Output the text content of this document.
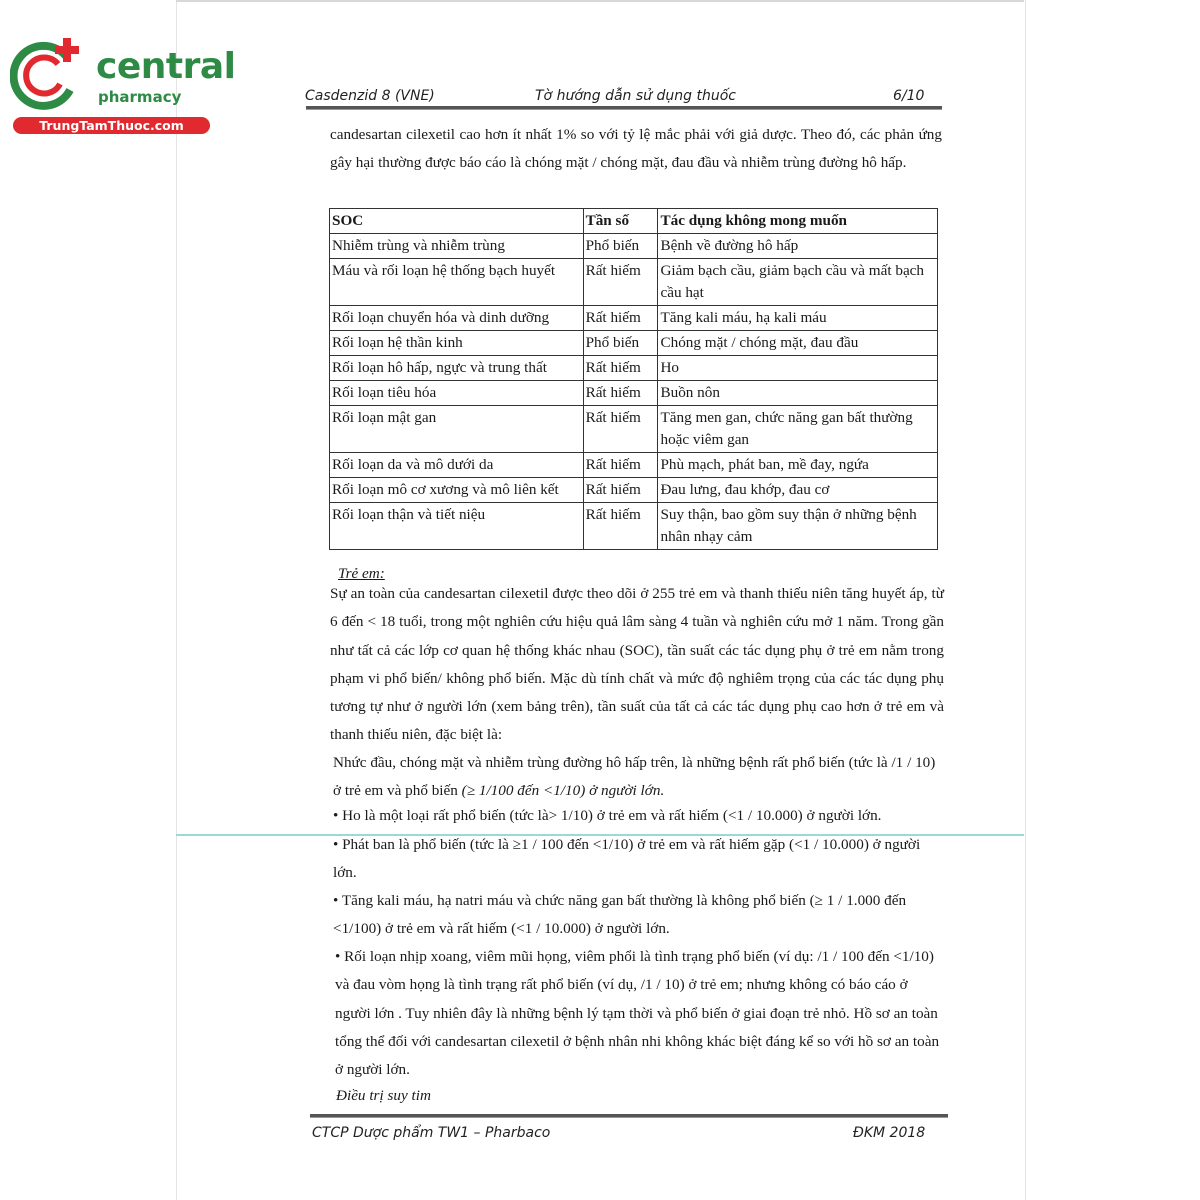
central
pharmacy
TrungTamThuoc.com
Casdenzid 8 (VNE)	Tờ hướng dẫn sử dụng thuốc	6/10
candesartan cilexetil cao hơn ít nhất 1% so với tỷ lệ mắc phải với giả dược. Theo đó, các phản ứng gây hại thường được báo cáo là chóng mặt / chóng mặt, đau đầu và nhiễm trùng đường hô hấp.
SOC	Tần số	Tác dụng không mong muốn
Nhiễm trùng và nhiễm trùng	Phổ biến	Bệnh về đường hô hấp
Máu và rối loạn hệ thống bạch huyết	Rất hiếm	Giảm bạch cầu, giảm bạch cầu và mất bạch cầu hạt
Rối loạn chuyển hóa và dinh dưỡng	Rất hiếm	Tăng kali máu, hạ kali máu
Rối loạn hệ thần kinh	Phổ biến	Chóng mặt / chóng mặt, đau đầu
Rối loạn hô hấp, ngực và trung thất	Rất hiếm	Ho
Rối loạn tiêu hóa	Rất hiếm	Buồn nôn
Rối loạn mật gan	Rất hiếm	Tăng men gan, chức năng gan bất thường hoặc viêm gan
Rối loạn da và mô dưới da	Rất hiếm	Phù mạch, phát ban, mề đay, ngứa
Rối loạn mô cơ xương và mô liên kết	Rất hiếm	Đau lưng, đau khớp, đau cơ
Rối loạn thận và tiết niệu	Rất hiếm	Suy thận, bao gồm suy thận ở những bệnh nhân nhạy cảm
Trẻ em:
Sự an toàn của candesartan cilexetil được theo dõi ở 255 trẻ em và thanh thiếu niên tăng huyết áp, từ 6 đến < 18 tuổi, trong một nghiên cứu hiệu quả lâm sàng 4 tuần và nghiên cứu mở 1 năm. Trong gần như tất cả các lớp cơ quan hệ thống khác nhau (SOC), tần suất các tác dụng phụ ở trẻ em nằm trong phạm vi phổ biến/ không phổ biến. Mặc dù tính chất và mức độ nghiêm trọng của các tác dụng phụ tương tự như ở người lớn (xem bảng trên), tần suất của tất cả các tác dụng phụ cao hơn ở trẻ em và thanh thiếu niên, đặc biệt là:
Nhức đầu, chóng mặt và nhiễm trùng đường hô hấp trên, là những bệnh rất phổ biến (tức là /1 / 10) ở trẻ em và phổ biến (≥ 1/100 đến <1/10) ở người lớn.
• Ho là một loại rất phổ biến (tức là> 1/10) ở trẻ em và rất hiếm (<1 / 10.000) ở người lớn.
• Phát ban là phổ biến (tức là ≥1 / 100 đến <1/10) ở trẻ em và rất hiếm gặp (<1 / 10.000) ở người lớn.
• Tăng kali máu, hạ natri máu và chức năng gan bất thường là không phổ biến (≥ 1 / 1.000 đến <1/100) ở trẻ em và rất hiếm (<1 / 10.000) ở người lớn.
• Rối loạn nhịp xoang, viêm mũi họng, viêm phổi là tình trạng phổ biến (ví dụ: /1 / 100 đến <1/10) và đau vòm họng là tình trạng rất phổ biến (ví dụ, /1 / 10) ở trẻ em; nhưng không có báo cáo ở người lớn . Tuy nhiên đây là những bệnh lý tạm thời và phổ biến ở giai đoạn trẻ nhỏ. Hồ sơ an toàn tổng thể đối với candesartan cilexetil ở bệnh nhân nhi không khác biệt đáng kể so với hồ sơ an toàn ở người lớn.
Điều trị suy tim
CTCP Dược phẩm TW1 – Pharbaco	ĐKM 2018
